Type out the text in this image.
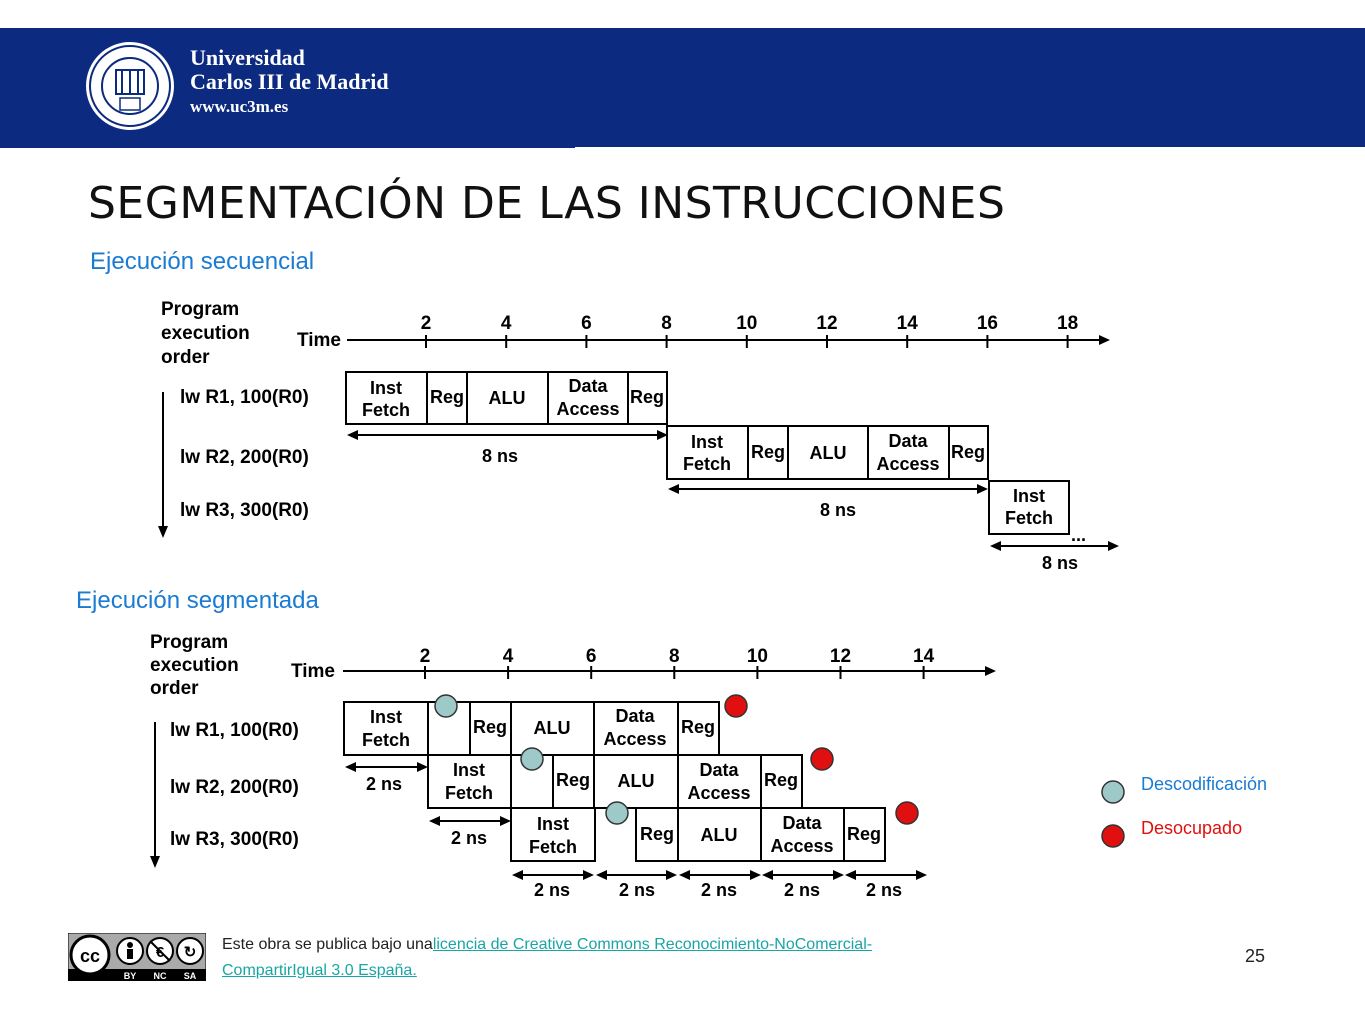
Universidad
Carlos III de Madrid
www.uc3m.es
SEGMENTACIÓN DE LAS INSTRUCCIONES
Ejecución secuencial
Ejecución segmentada
Program
execution
order
Time
2	4	6	8	10	12	14	16	18
lw R1, 100(R0)
lw R2, 200(R0)
lw R3, 300(R0)
Inst
Fetch
Reg ALU
Data
Access
Reg
8 ns
Inst
Fetch
Reg ALU
Data
Access
Reg
8 ns
Inst
Fetch
...
8 ns
Program
execution
order
Time
2	4	6	8	10	12	14
lw R1, 100(R0)
lw R2, 200(R0)
lw R3, 300(R0)
Inst
Fetch
Reg ALU
Data
Access
Reg
2 ns
Inst
Fetch
Reg ALU
Data
Access
Reg
2 ns
Inst
Fetch
Reg ALU
Data
Access
Reg
2 ns	2 ns	2 ns	2 ns	2 ns
Descodificación
Desocupado
cc	€ ↻
BY NC SA
Este obra se publica bajo unalicencia de Creative Commons Reconocimiento-NoComercial-CompartirIgual 3.0 España.
25
